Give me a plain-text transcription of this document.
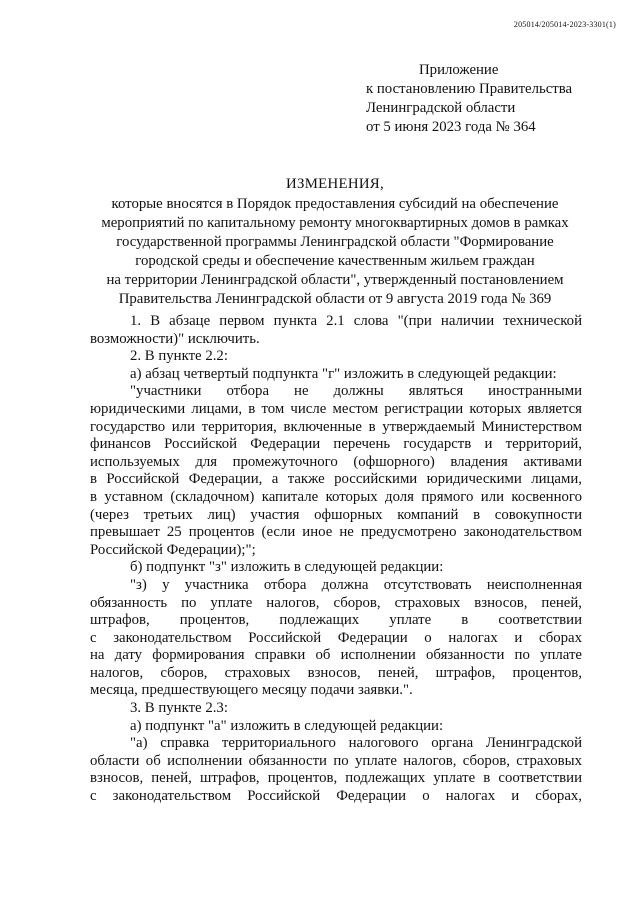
205014/205014-2023-3301(1)
Приложение
к постановлению Правительства
Ленинградской области
от 5 июня 2023 года № 364
ИЗМЕНЕНИЯ,
которые вносятся в Порядок предоставления субсидий на обеспечение
мероприятий по капитальному ремонту многоквартирных домов в рамках
государственной программы Ленинградской области "Формирование
городской среды и обеспечение качественным жильем граждан
на территории Ленинградской области", утвержденный постановлением
Правительства Ленинградской области от 9 августа 2019 года № 369
1. В абзаце первом пункта 2.1 слова "(при наличии технической
возможности)" исключить.
2. В пункте 2.2:
а) абзац четвертый подпункта "г" изложить в следующей редакции:
"участники отбора не должны являться иностранными
юридическими лицами, в том числе местом регистрации которых является
государство или территория, включенные в утверждаемый Министерством
финансов Российской Федерации перечень государств и территорий,
используемых для промежуточного (офшорного) владения активами
в Российской Федерации, а также российскими юридическими лицами,
в уставном (складочном) капитале которых доля прямого или косвенного
(через третьих лиц) участия офшорных компаний в совокупности
превышает 25 процентов (если иное не предусмотрено законодательством
Российской Федерации);";
б) подпункт "з" изложить в следующей редакции:
"з) у участника отбора должна отсутствовать неисполненная
обязанность по уплате налогов, сборов, страховых взносов, пеней,
штрафов, процентов, подлежащих уплате в соответствии
с законодательством Российской Федерации о налогах и сборах
на дату формирования справки об исполнении обязанности по уплате
налогов, сборов, страховых взносов, пеней, штрафов, процентов,
месяца, предшествующего месяцу подачи заявки.".
3. В пункте 2.3:
а) подпункт "а" изложить в следующей редакции:
"а) справка территориального налогового органа Ленинградской
области об исполнении обязанности по уплате налогов, сборов, страховых
взносов, пеней, штрафов, процентов, подлежащих уплате в соответствии
с законодательством Российской Федерации о налогах и сборах,
